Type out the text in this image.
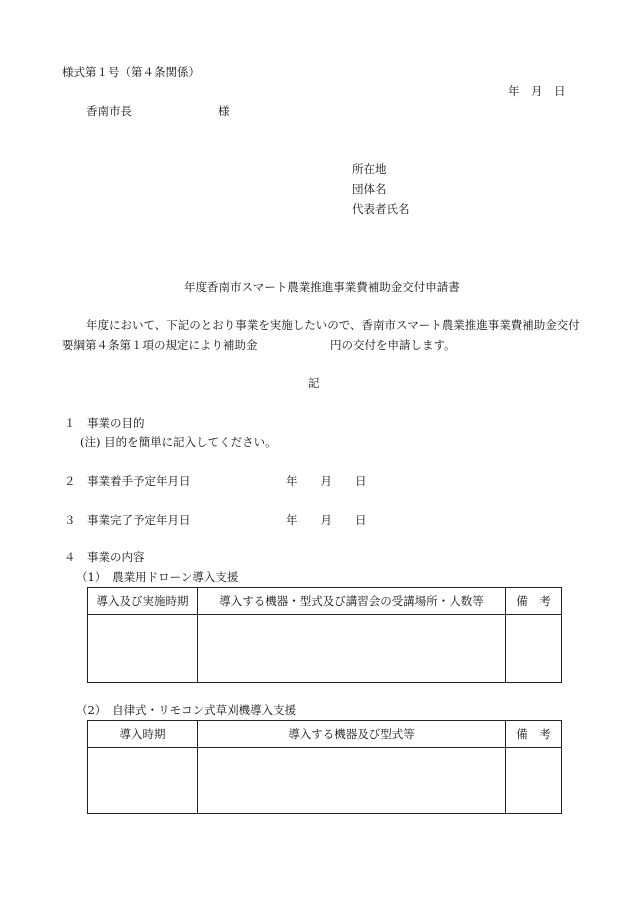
様式第１号（第４条関係）
年　月　日
香南市長	様
所在地
団体名
代表者氏名
年度香南市スマート農業推進事業費補助金交付申請書
年度において、下記のとおり事業を実施したいので、香南市スマート農業推進事業費補助金交付
要綱第４条第１項の規定により補助金	円の交付を申請します。
記
１　事業の目的
(注) 目的を簡単に記入してください。
２　事業着手予定年月日	年　　月　　日
３　事業完了予定年月日	年　　月　　日
４　事業の内容
（1）　農業用ドローン導入支援
導入及び実施時期	導入する機器・型式及び講習会の受講場所・人数等	備　考

（2）　自律式・リモコン式草刈機導入支援
導入時期	導入する機器及び型式等	備　考
